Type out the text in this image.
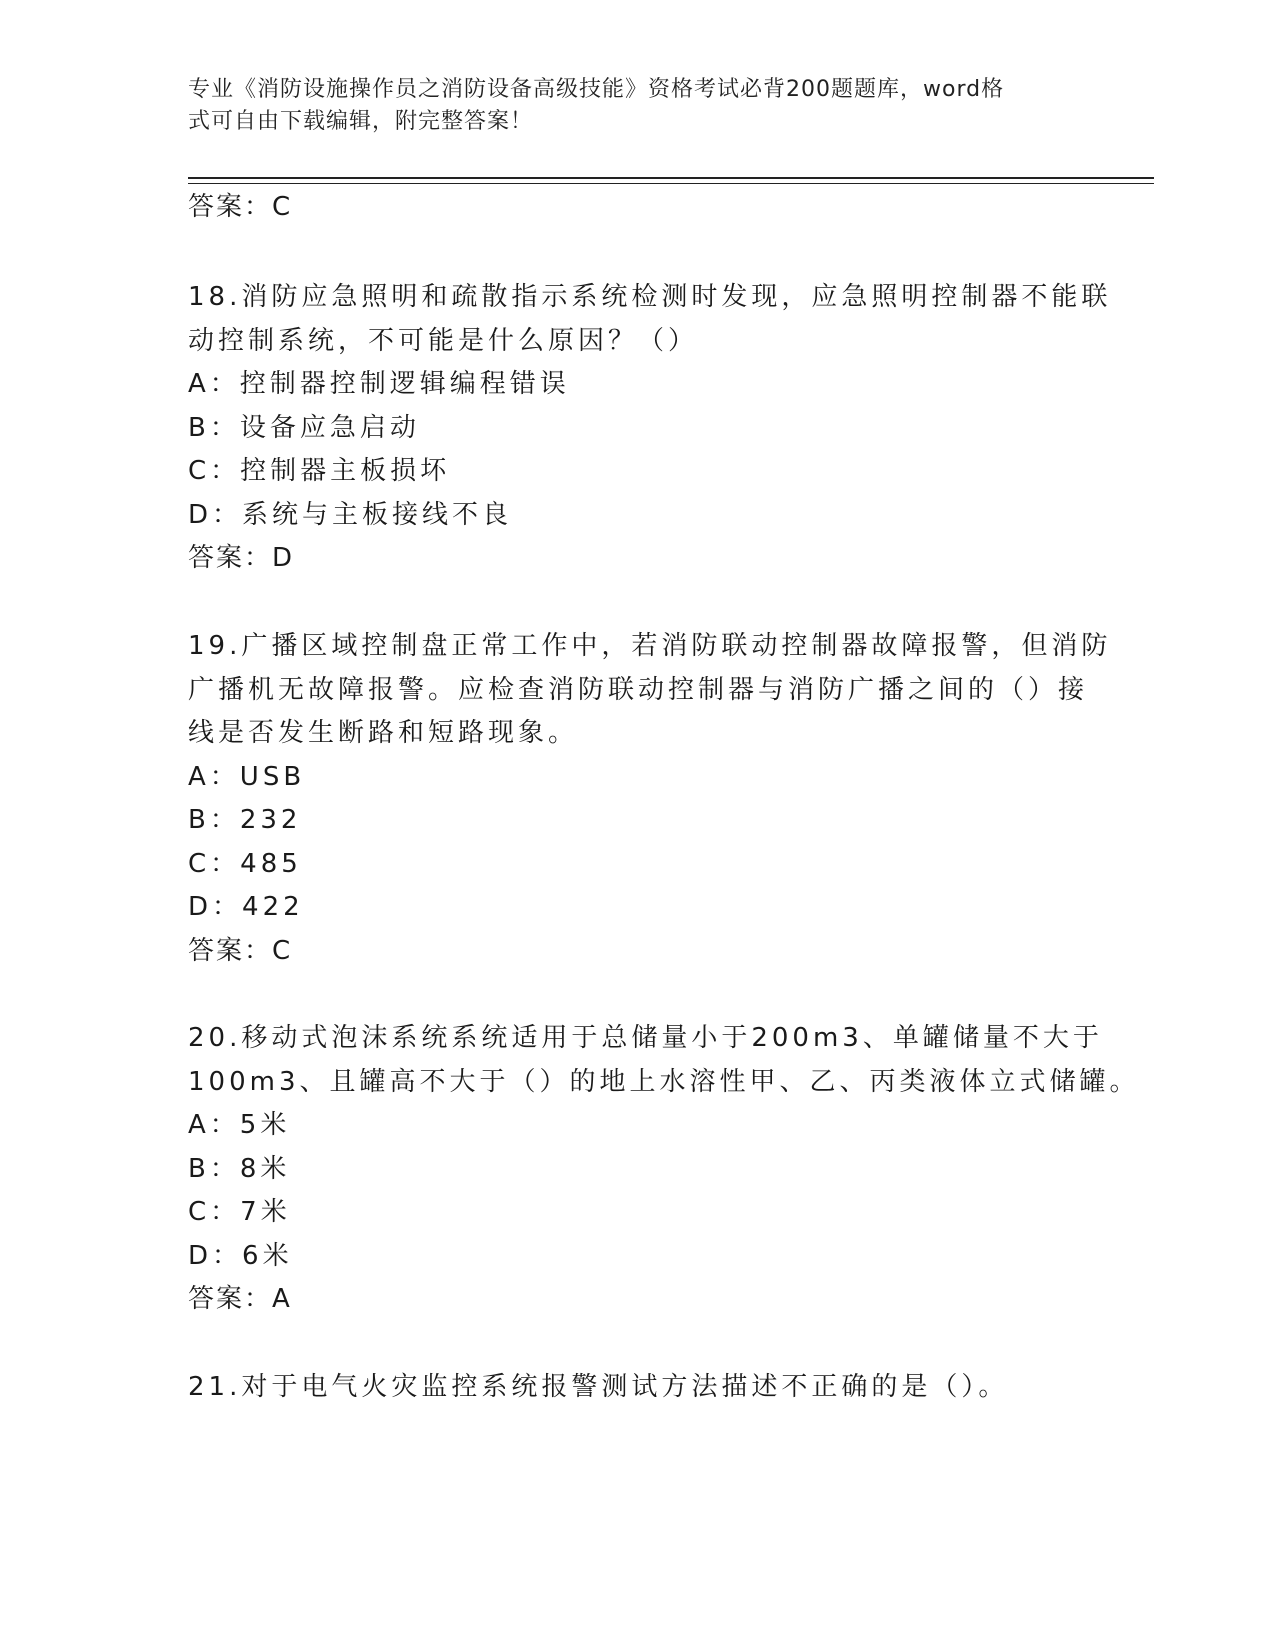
专业《消防设施操作员之消防设备高级技能》资格考试必背200题题库，word格
式可自由下载编辑，附完整答案！
答案：C
18.消防应急照明和疏散指示系统检测时发现，应急照明控制器不能联
动控制系统，不可能是什么原因？（）
A：控制器控制逻辑编程错误
B：设备应急启动
C：控制器主板损坏
D：系统与主板接线不良
答案：D
19.广播区域控制盘正常工作中，若消防联动控制器故障报警，但消防
广播机无故障报警。应检查消防联动控制器与消防广播之间的（）接
线是否发生断路和短路现象。
A：USB
B：232
C：485
D：422
答案：C
20.移动式泡沫系统系统适用于总储量小于200m3、单罐储量不大于
100m3、且罐高不大于（）的地上水溶性甲、乙、丙类液体立式储罐。
A：5米
B：8米
C：7米
D：6米
答案：A
21.对于电气火灾监控系统报警测试方法描述不正确的是（）。
